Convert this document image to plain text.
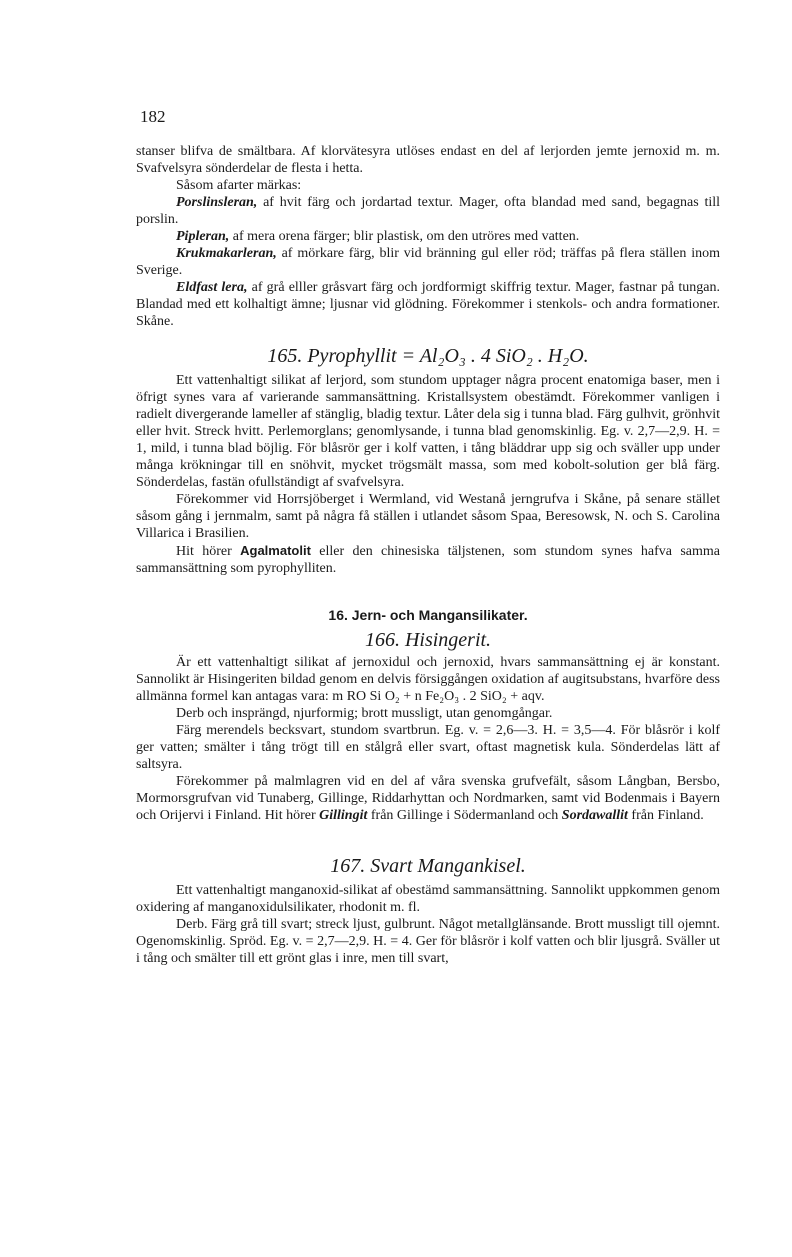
182

stanser blifva de smältbara. Af klorvätesyra utlöses endast en del af lerjorden jemte jernoxid m. m. Svafvelsyra sönderdelar de flesta i hetta.

Såsom afarter märkas:

Porslinsleran, af hvit färg och jordartad textur. Mager, ofta blandad med sand, begagnas till porslin.

Pipleran, af mera orena färger; blir plastisk, om den utröres med vatten.

Krukmakarleran, af mörkare färg, blir vid bränning gul eller röd; träffas på flera ställen inom Sverige.

Eldfast lera, af grå elller gråsvart färg och jordformigt skiffrig textur. Mager, fastnar på tungan. Blandad med ett kolhaltigt ämne; ljusnar vid glödning. Förekommer i stenkols- och andra formationer. Skåne.

165. Pyrophyllit = Al₂O₃ . 4 SiO₂ . H₂O.

Ett vattenhaltigt silikat af lerjord, som stundom upptager några procent enatomiga baser, men i öfrigt synes vara af varierande sammansättning. Kristallsystem obestämdt. Förekommer vanligen i radielt divergerande lameller af stänglig, bladig textur. Låter dela sig i tunna blad. Färg gulhvit, grönhvit eller hvit. Streck hvitt. Perlemorglans; genomlysande, i tunna blad genomskinlig. Eg. v. 2,7—2,9. H. = 1, mild, i tunna blad böjlig. För blåsrör ger i kolf vatten, i tång bläddrar upp sig och sväller upp under många krökningar till en snöhvit, mycket trögsmält massa, som med kobolt-solution ger blå färg. Sönderdelas, fastän ofullständigt af svafvelsyra.

Förekommer vid Horrsjöberget i Wermland, vid Westanå jerngrufva i Skåne, på senare stället såsom gång i jernmalm, samt på några få ställen i utlandet såsom Spaa, Beresowsk, N. och S. Carolina Villarica i Brasilien.

Hit hörer Agalmatolit eller den chinesiska täljstenen, som stundom synes hafva samma sammansättning som pyrophylliten.

16. Jern- och Mangansilikater.

166. Hisingerit.

Är ett vattenhaltigt silikat af jernoxidul och jernoxid, hvars sammansättning ej är konstant. Sannolikt är Hisingeriten bildad genom en delvis försiggången oxidation af augitsubstans, hvarföre dess allmänna formel kan antagas vara: m RO Si O₂ + n Fe₂O₃ . 2 SiO₂ + aqv.

Derb och insprängd, njurformig; brott mussligt, utan genomgångar.

Färg merendels becksvart, stundom svartbrun. Eg. v. = 2,6—3. H. = 3,5—4. För blåsrör i kolf ger vatten; smälter i tång trögt till en stålgrå eller svart, oftast magnetisk kula. Sönderdelas lätt af saltsyra.

Förekommer på malmlagren vid en del af våra svenska grufvefält, såsom Långban, Bersbo, Mormorsgrufvan vid Tunaberg, Gillinge, Riddarhyttan och Nordmarken, samt vid Bodenmais i Bayern och Orijervi i Finland. Hit hörer Gillingit från Gillinge i Södermanland och Sordawallit från Finland.

167. Svart Mangankisel.

Ett vattenhaltigt manganoxid-silikat af obestämd sammansättning. Sannolikt uppkommen genom oxidering af manganoxidulsilikater, rhodonit m. fl.

Derb. Färg grå till svart; streck ljust, gulbrunt. Något metallglänsande. Brott mussligt till ojemnt. Ogenomskinlig. Spröd. Eg. v. = 2,7—2,9. H. = 4. Ger för blåsrör i kolf vatten och blir ljusgrå. Sväller ut i tång och smälter till ett grönt glas i inre, men till svart,
